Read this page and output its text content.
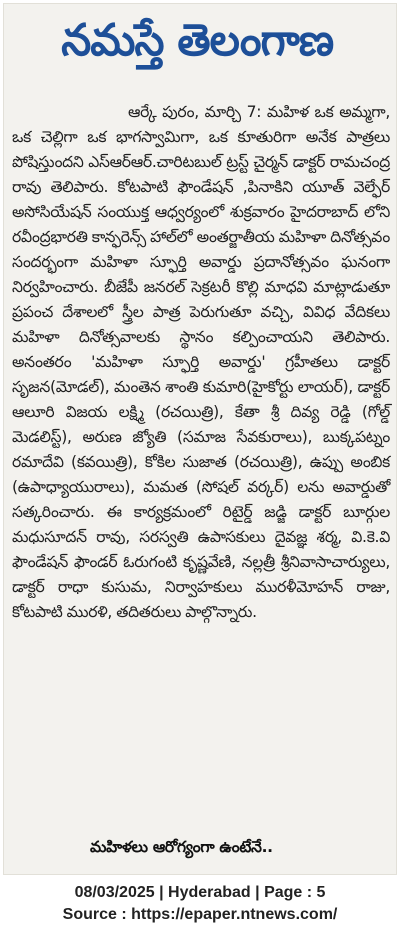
నమస్తే తెలంగాణ

ఆర్కే పురం, మార్చి 7: మహిళ ఒక అమ్మగా, ఒక చెల్లిగా ఒక భాగస్వామిగా, ఒక కూతురిగా అనేక పాత్రలు పోషిస్తుందని ఎస్‌ఆర్‌ఆర్.చారిటబుల్ ట్రస్ట్ చైర్మన్ డాక్టర్ రామచంద్ర రావు తెలిపారు. కోటపాటి ఫౌండేషన్ ,పినాకిని యూత్ వెల్ఫేర్ అసోసియేషన్ సంయుక్త ఆధ్వర్యంలో శుక్రవారం హైదరాబాద్ లోని రవీంద్రభారతి కాన్ఫరెన్స్ హాల్‌లో అంతర్జాతీయ మహిళా దినోత్సవం సందర్భంగా మహిళా స్ఫూర్తి అవార్డు ప్రదానోత్సవం ఘనంగా నిర్వహించారు. బీజేపీ జనరల్ సెక్రటరీ కొల్లి మాధవి మాట్లాడుతూ ప్రపంచ దేశాలలో స్త్రీల పాత్ర పెరుగుతూ వచ్చి, వివిధ వేదికలు మహిళా దినోత్సవాలకు స్థానం కల్పించాయని తెలిపారు. అనంతరం 'మహిళా స్ఫూర్తి అవార్డు' గ్రహీతలు డాక్టర్ సృజన(మోడల్), మంతెన శాంతి కుమారి(హైకోర్టు లాయర్), డాక్టర్ ఆలూరి విజయ లక్ష్మి (రచయిత్రి), కేతా శ్రీ దివ్య రెడ్డి (గోల్డ్ మెడలిస్ట్), అరుణ జ్యోతి (సమాజ సేవకురాలు), బుక్కపట్నం రమాదేవి (కవయిత్రి), కోకిల సుజాత (రచయిత్రి), ఉప్పు అంబిక (ఉపాధ్యాయురాలు), మమత (సోషల్ వర్కర్) లను అవార్డుతో సత్కరించారు. ఈ కార్యక్రమంలో రిటైర్డ్ జడ్జి డాక్టర్ బూర్గుల మధుసూదన్ రావు, సరస్వతి ఉపాసకులు దైవజ్ఞ శర్మ, వి.కె.వి ఫౌండేషన్ ఫౌండర్ ఓరుగంటి కృష్ణవేణి, నల్లత్రీ శ్రీనివాసాచార్యులు, డాక్టర్ రాధా కుసుమ, నిర్వాహకులు మురళీమోహన్ రాజు, కోటపాటి మురళి, తదితరులు పాల్గొన్నారు.

మహిళలు ఆరోగ్యంగా ఉంటేనే..
08/03/2025 | Hyderabad | Page : 5
Source : https://epaper.ntnews.com/
